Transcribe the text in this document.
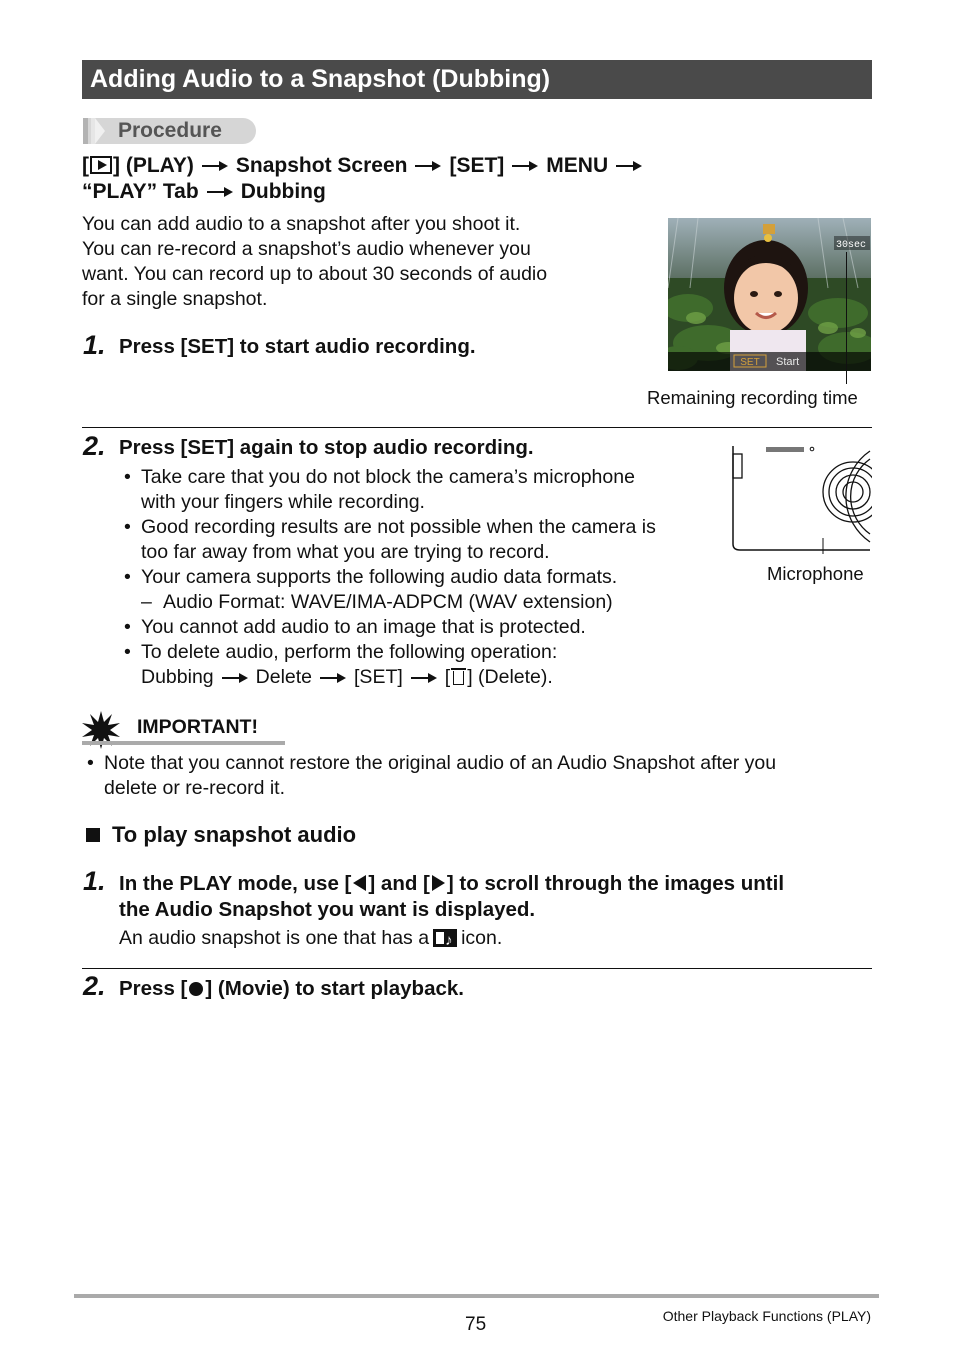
Adding Audio to a Snapshot (Dubbing)
Procedure
[ ] (PLAY) Snapshot Screen [SET] MENU
“PLAY” Tab Dubbing
You can add audio to a snapshot after you shoot it.
You can re-record a snapshot’s audio whenever you
want. You can record up to about 30 seconds of audio
for a single snapshot.
SET Start
30sec
Remaining recording time
1. Press [SET] to start audio recording.
2. Press [SET] again to stop audio recording.
• Take care that you do not block the camera’s microphone
with your fingers while recording.
• Good recording results are not possible when the camera is
too far away from what you are trying to record.
• Your camera supports the following audio data formats.
– Audio Format: WAVE/IMA-ADPCM (WAV extension)
• You cannot add audio to an image that is protected.
• To delete audio, perform the following operation:
Dubbing Delete [SET] [ ] (Delete).
Microphone
IMPORTANT!
• Note that you cannot restore the original audio of an Audio Snapshot after you
delete or re-record it.
To play snapshot audio
1. In the PLAY mode, use [ ] and [ ] to scroll through the images until
the Audio Snapshot you want is displayed.
An audio snapshot is one that has a♪ icon.
2. Press [ ] (Movie) to start playback.
75	Other Playback Functions (PLAY)
